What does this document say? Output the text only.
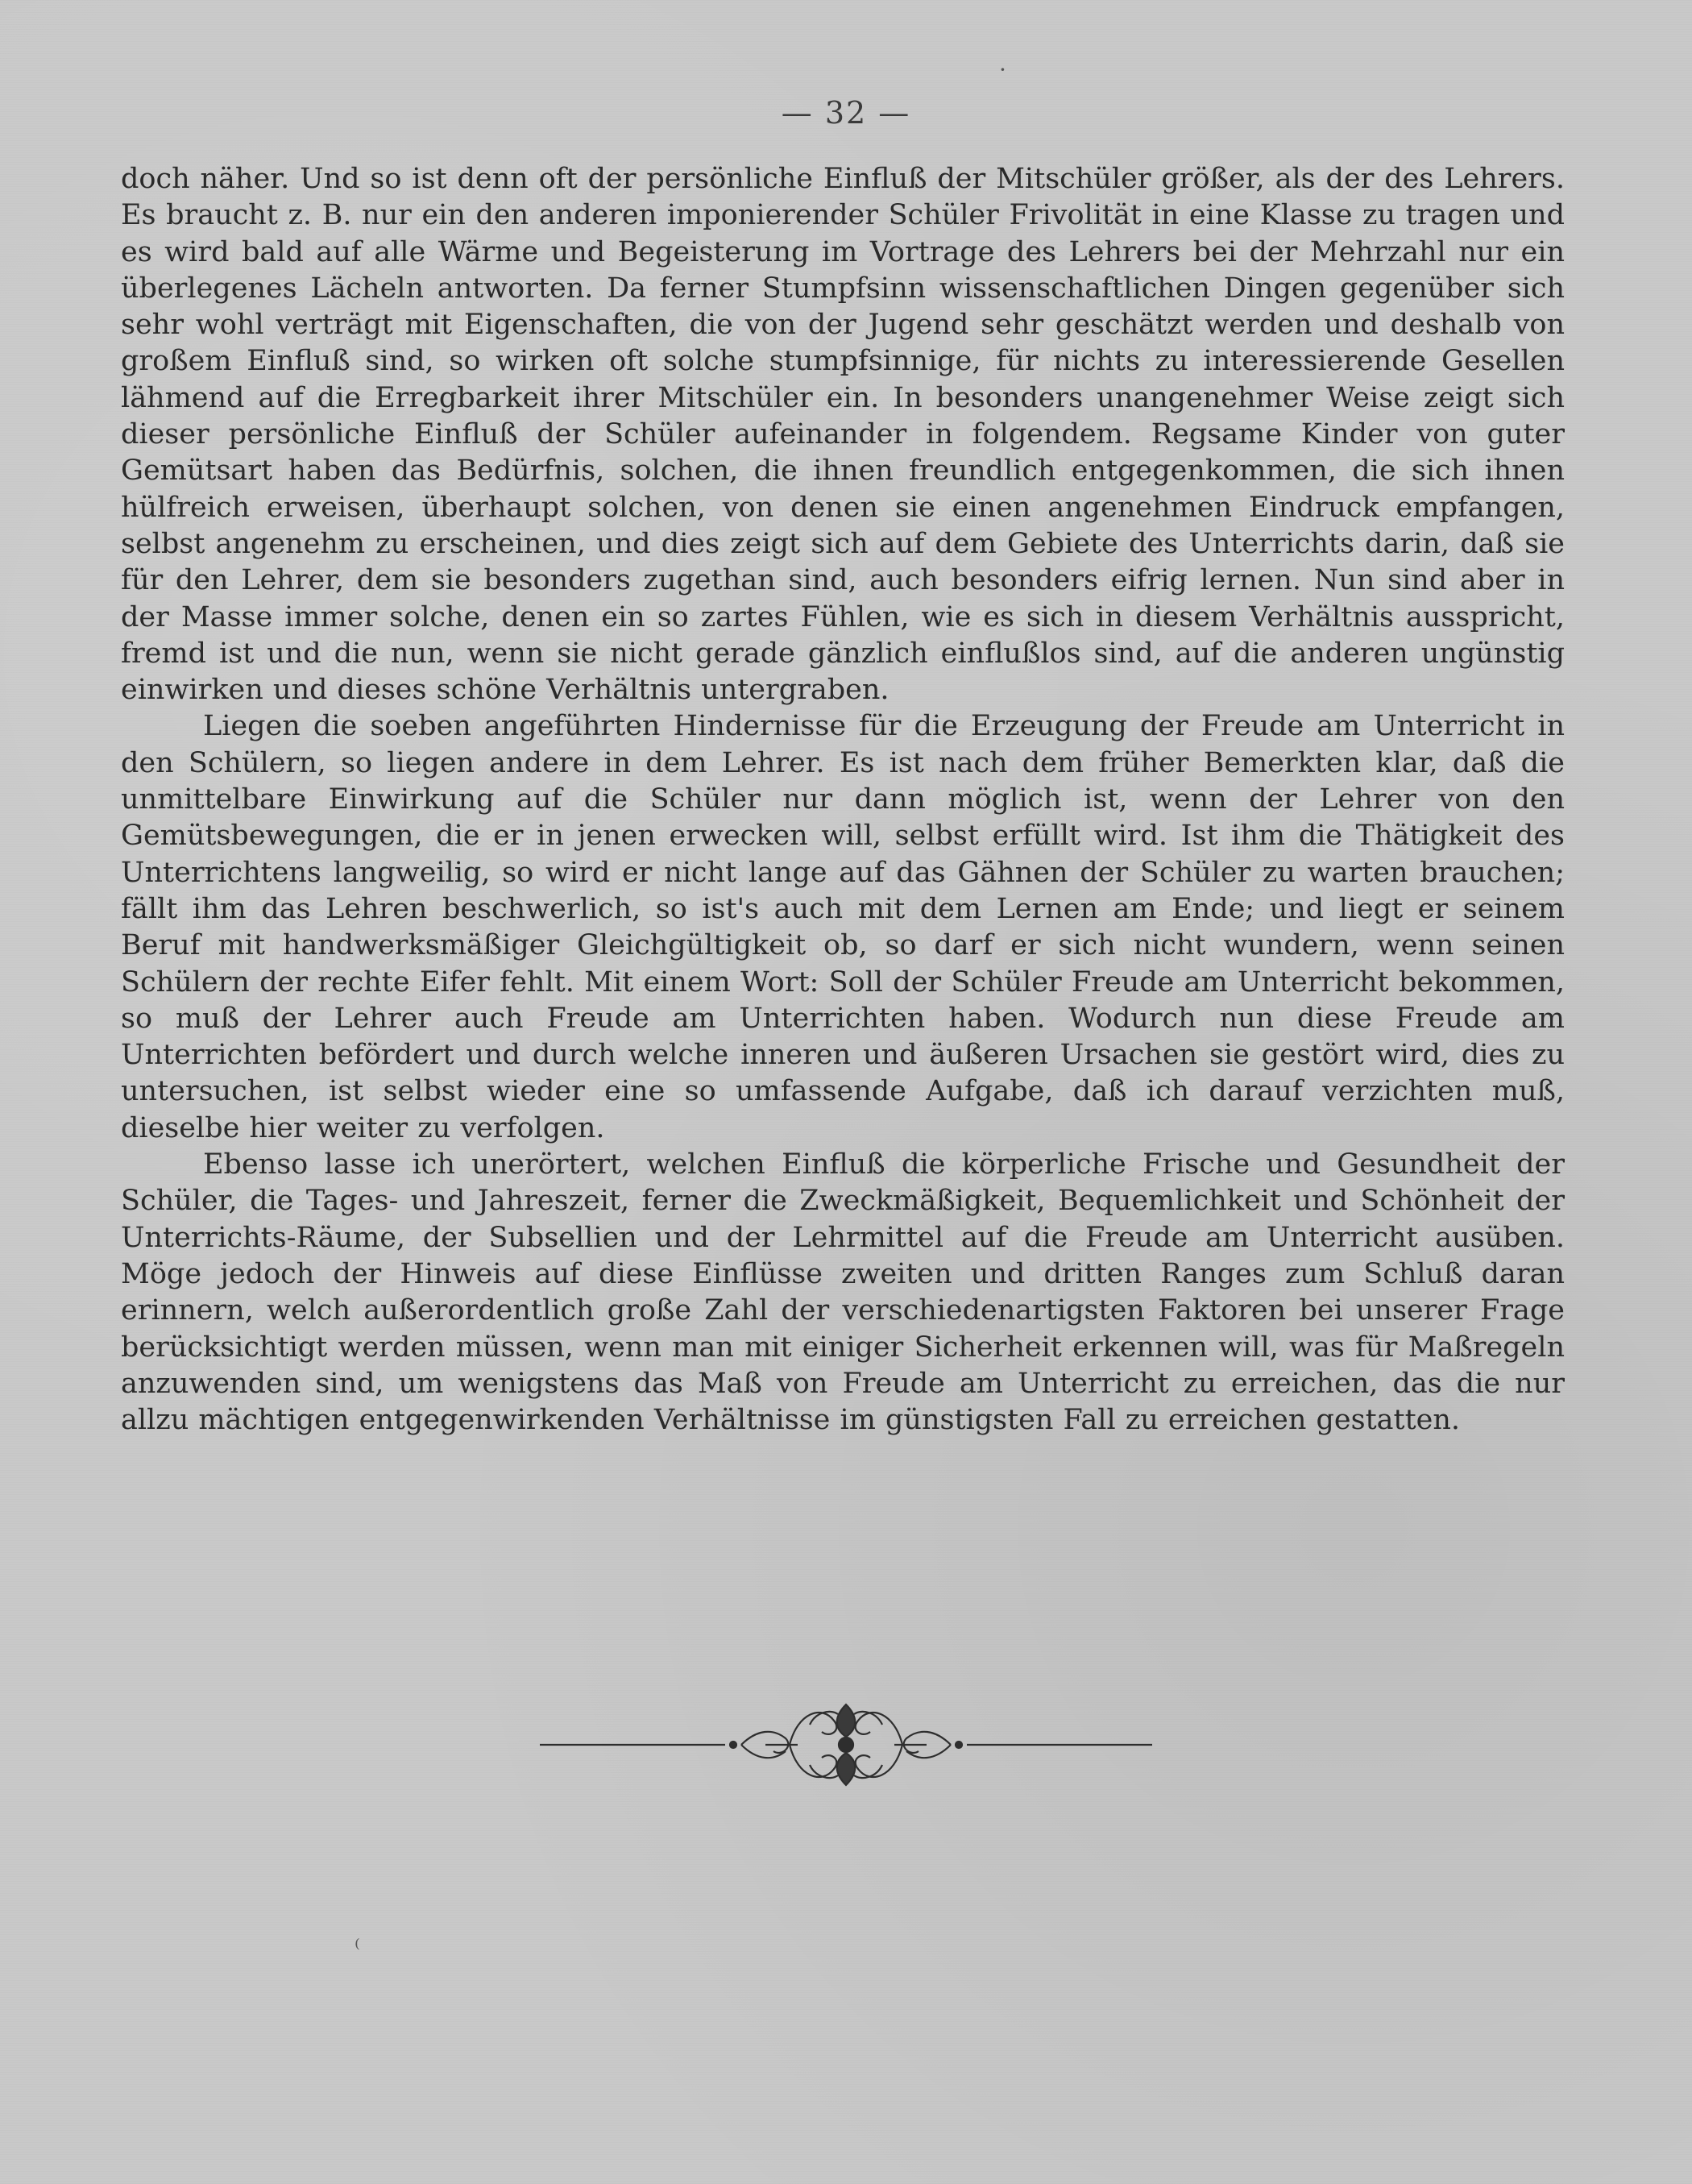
— 32 —

doch näher. Und so ist denn oft der persönliche Einfluß der Mitschüler größer, als der des Lehrers. Es braucht z. B. nur ein den anderen imponierender Schüler Frivolität in eine Klasse zu tragen und es wird bald auf alle Wärme und Begeisterung im Vortrage des Lehrers bei der Mehrzahl nur ein überlegenes Lächeln antworten. Da ferner Stumpfsinn wissenschaftlichen Dingen gegenüber sich sehr wohl verträgt mit Eigenschaften, die von der Jugend sehr geschätzt werden und deshalb von großem Einfluß sind, so wirken oft solche stumpfsinnige, für nichts zu interessierende Gesellen lähmend auf die Erregbarkeit ihrer Mitschüler ein. In besonders unangenehmer Weise zeigt sich dieser persönliche Einfluß der Schüler aufeinander in folgendem. Regsame Kinder von guter Gemütsart haben das Bedürfnis, solchen, die ihnen freundlich entgegenkommen, die sich ihnen hülfreich erweisen, überhaupt solchen, von denen sie einen angenehmen Eindruck empfangen, selbst angenehm zu erscheinen, und dies zeigt sich auf dem Gebiete des Unterrichts darin, daß sie für den Lehrer, dem sie besonders zugethan sind, auch besonders eifrig lernen. Nun sind aber in der Masse immer solche, denen ein so zartes Fühlen, wie es sich in diesem Verhältnis ausspricht, fremd ist und die nun, wenn sie nicht gerade gänzlich einflußlos sind, auf die anderen ungünstig einwirken und dieses schöne Verhältnis untergraben.

Liegen die soeben angeführten Hindernisse für die Erzeugung der Freude am Unterricht in den Schülern, so liegen andere in dem Lehrer. Es ist nach dem früher Bemerkten klar, daß die unmittelbare Einwirkung auf die Schüler nur dann möglich ist, wenn der Lehrer von den Gemütsbewegungen, die er in jenen erwecken will, selbst erfüllt wird. Ist ihm die Thätigkeit des Unterrichtens langweilig, so wird er nicht lange auf das Gähnen der Schüler zu warten brauchen; fällt ihm das Lehren beschwerlich, so ist's auch mit dem Lernen am Ende; und liegt er seinem Beruf mit handwerksmäßiger Gleichgültigkeit ob, so darf er sich nicht wundern, wenn seinen Schülern der rechte Eifer fehlt. Mit einem Wort: Soll der Schüler Freude am Unterricht bekommen, so muß der Lehrer auch Freude am Unterrichten haben. Wodurch nun diese Freude am Unterrichten befördert und durch welche inneren und äußeren Ursachen sie gestört wird, dies zu untersuchen, ist selbst wieder eine so umfassende Aufgabe, daß ich darauf verzichten muß, dieselbe hier weiter zu verfolgen.

Ebenso lasse ich unerörtert, welchen Einfluß die körperliche Frische und Gesundheit der Schüler, die Tages- und Jahreszeit, ferner die Zweckmäßigkeit, Bequemlichkeit und Schönheit der Unterrichts-Räume, der Subsellien und der Lehrmittel auf die Freude am Unterricht ausüben. Möge jedoch der Hinweis auf diese Einflüsse zweiten und dritten Ranges zum Schluß daran erinnern, welch außerordentlich große Zahl der verschiedenartigsten Faktoren bei unserer Frage berücksichtigt werden müssen, wenn man mit einiger Sicherheit erkennen will, was für Maßregeln anzuwenden sind, um wenigstens das Maß von Freude am Unterricht zu erreichen, das die nur allzu mächtigen entgegenwirkenden Verhältnisse im günstigsten Fall zu erreichen gestatten.

·
⁽
